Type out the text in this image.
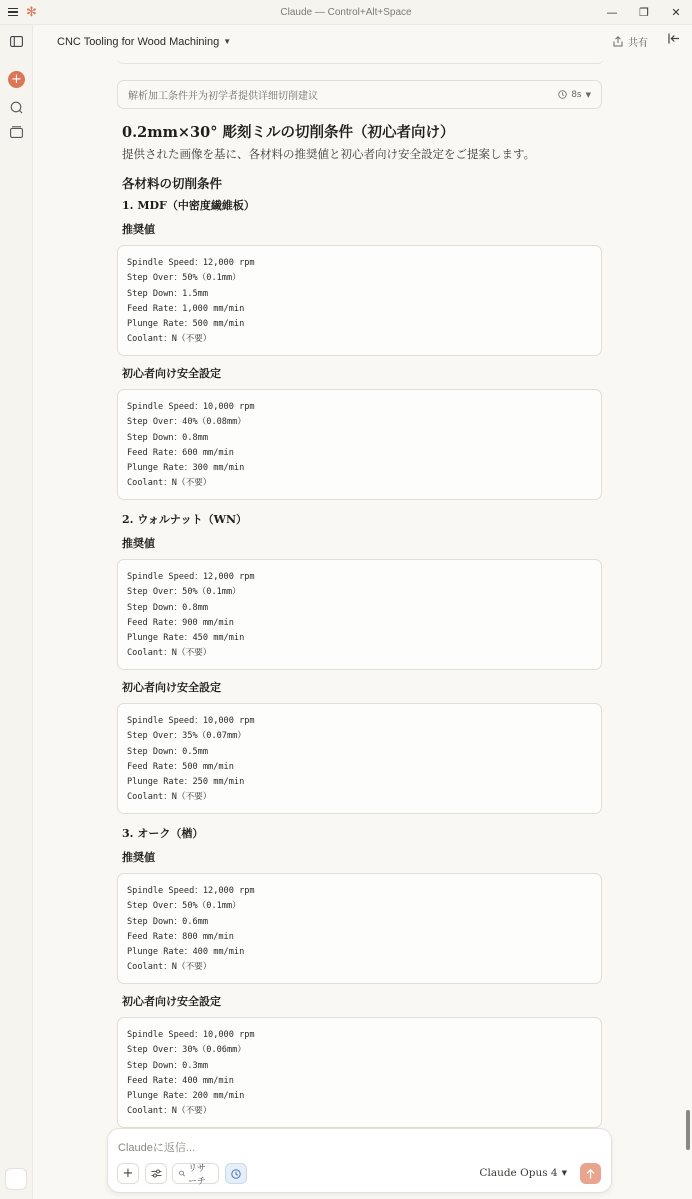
✻	Claude — Control+Alt+Space	—	❐	✕
+
CNC Tooling for Wood Machining ▼	共有
解析加工条件并为初学者提供详细切削建议	8s ▼
0.2mm×30° 彫刻ミルの切削条件（初心者向け）
提供された画像を基に、各材料の推奨値と初心者向け安全設定をご提案します。
各材料の切削条件
1. MDF（中密度繊維板）
推奨値
Spindle Speed：12,000 rpm
Step Over：50%（0.1mm）
Step Down：1.5mm
Feed Rate：1,000 mm/min
Plunge Rate：500 mm/min
Coolant：N（不要）
初心者向け安全設定
Spindle Speed：10,000 rpm
Step Over：40%（0.08mm）
Step Down：0.8mm
Feed Rate：600 mm/min
Plunge Rate：300 mm/min
Coolant：N（不要）
2. ウォルナット（WN）
推奨値
Spindle Speed：12,000 rpm
Step Over：50%（0.1mm）
Step Down：0.8mm
Feed Rate：900 mm/min
Plunge Rate：450 mm/min
Coolant：N（不要）
初心者向け安全設定
Spindle Speed：10,000 rpm
Step Over：35%（0.07mm）
Step Down：0.5mm
Feed Rate：500 mm/min
Plunge Rate：250 mm/min
Coolant：N（不要）
3. オーク（楢）
推奨値
Spindle Speed：12,000 rpm
Step Over：50%（0.1mm）
Step Down：0.6mm
Feed Rate：800 mm/min
Plunge Rate：400 mm/min
Coolant：N（不要）
初心者向け安全設定
Spindle Speed：10,000 rpm
Step Over：30%（0.06mm）
Step Down：0.3mm
Feed Rate：400 mm/min
Plunge Rate：200 mm/min
Coolant：N（不要）
Claudeに返信...
+	リサーチ
Claude Opus 4 ▼
